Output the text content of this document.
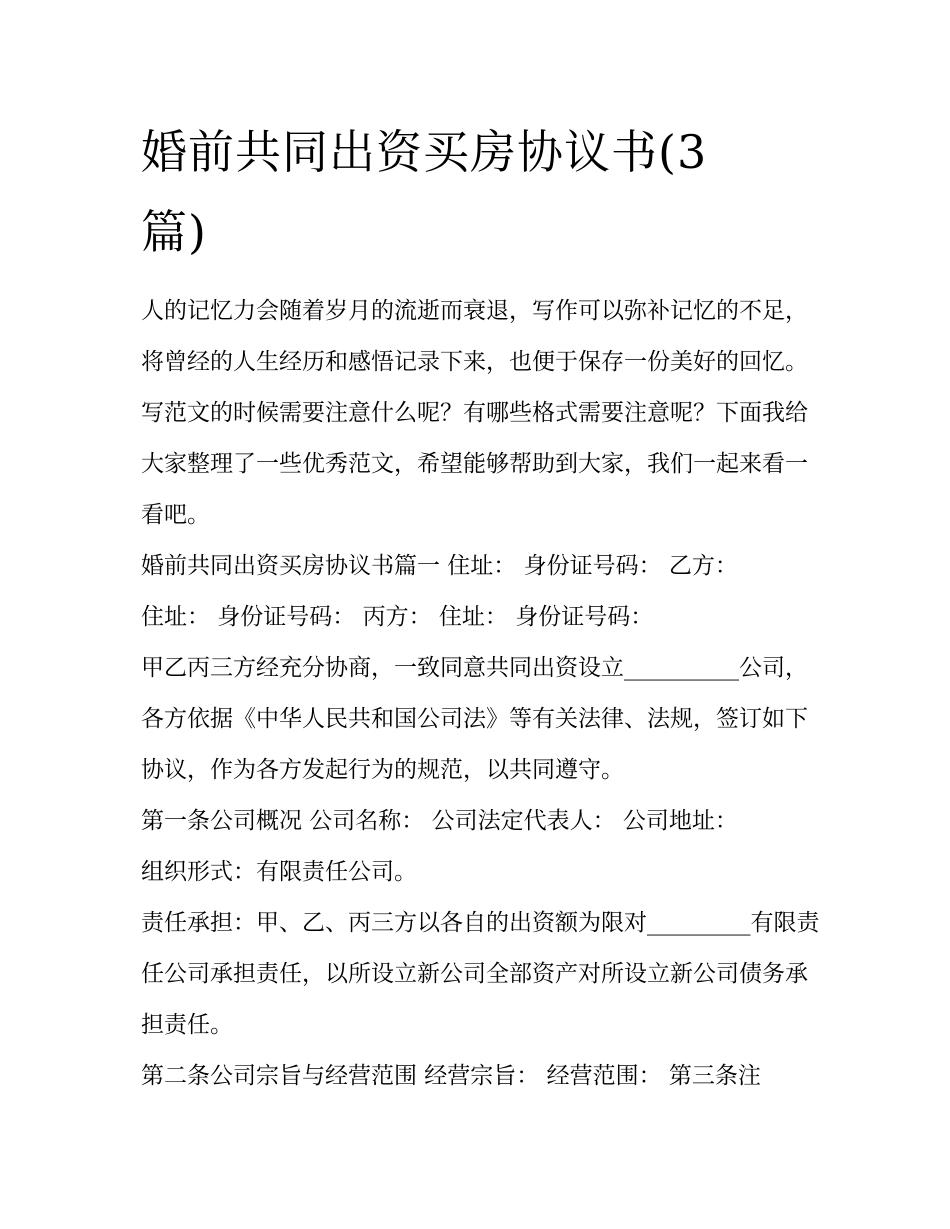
婚前共同出资买房协议书(3
篇)

人的记忆力会随着岁月的流逝而衰退，写作可以弥补记忆的不足，将曾经的人生经历和感悟记录下来，也便于保存一份美好的回忆。写范文的时候需要注意什么呢？有哪些格式需要注意呢？下面我给大家整理了一些优秀范文，希望能够帮助到大家，我们一起来看一看吧。

婚前共同出资买房协议书篇一 住址： 身份证号码： 乙方：

住址： 身份证号码： 丙方： 住址： 身份证号码：

甲乙丙三方经充分协商，一致同意共同出资设立__________公司，各方依据《中华人民共和国公司法》等有关法律、法规，签订如下协议，作为各方发起行为的规范，以共同遵守。

第一条公司概况 公司名称： 公司法定代表人： 公司地址：

组织形式：有限责任公司。

责任承担：甲、乙、丙三方以各自的出资额为限对_________有限责任公司承担责任，以所设立新公司全部资产对所设立新公司债务承担责任。

第二条公司宗旨与经营范围 经营宗旨： 经营范围： 第三条注
